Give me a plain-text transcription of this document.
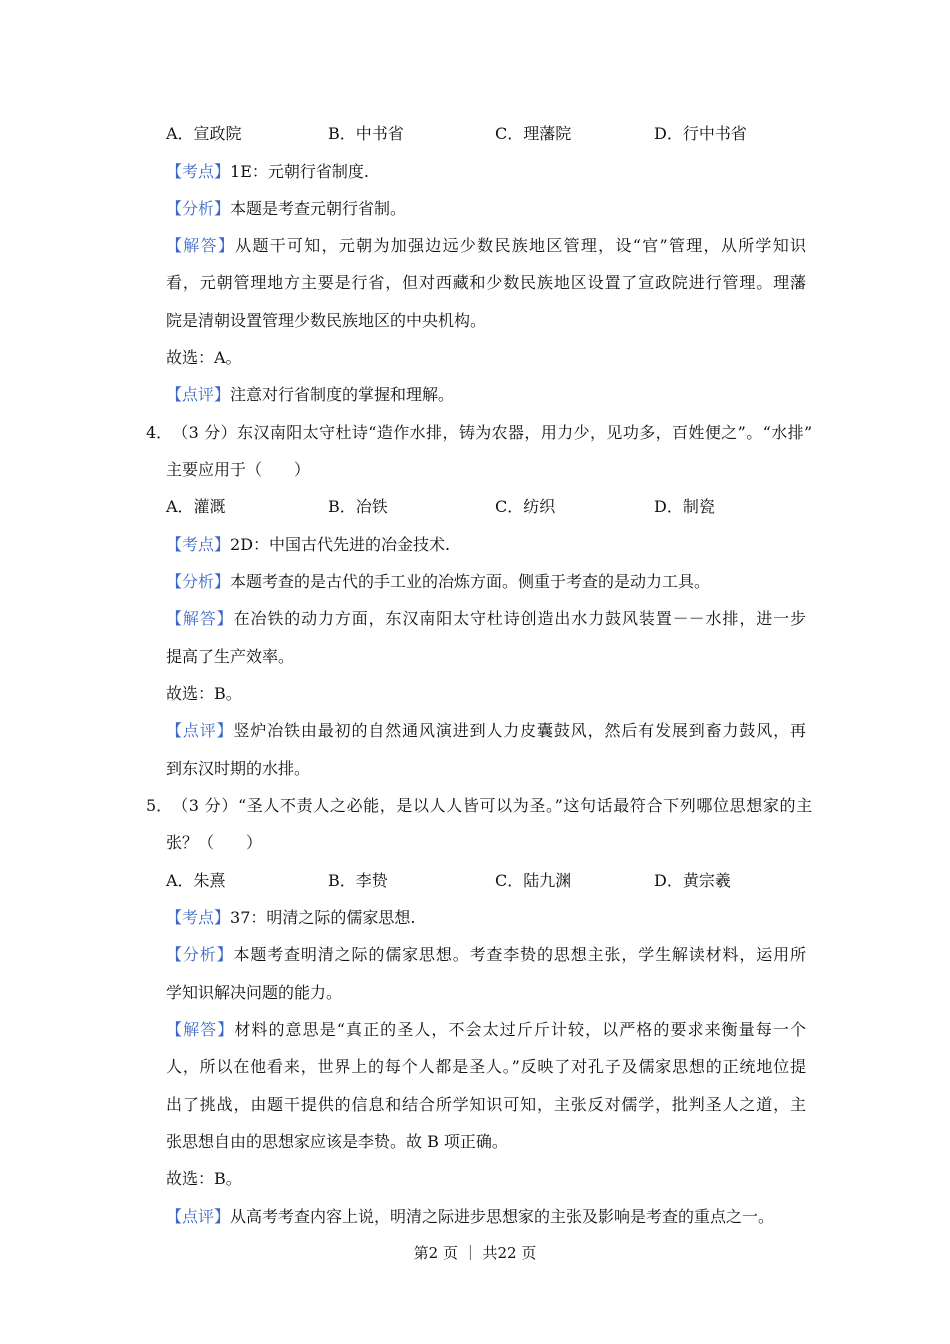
A．宣政院	B．中书省	C．理藩院	D．行中书省
【考点】1E：元朝行省制度.
【分析】本题是考查元朝行省制。
【解答】从题干可知，元朝为加强边远少数民族地区管理，设“官”管理，从所学知识
看，元朝管理地方主要是行省，但对西藏和少数民族地区设置了宣政院进行管理。理藩
院是清朝设置管理少数民族地区的中央机构。
故选：A。
【点评】注意对行省制度的掌握和理解。
4．（3 分）东汉南阳太守杜诗“造作水排，铸为农器，用力少，见功多，百姓便之”。“水排”
主要应用于（　　）
A．灌溉	B．冶铁	C．纺织	D．制瓷
【考点】2D：中国古代先进的冶金技术.
【分析】本题考查的是古代的手工业的冶炼方面。侧重于考查的是动力工具。
【解答】在冶铁的动力方面，东汉南阳太守杜诗创造出水力鼓风装置－－水排，进一步
提高了生产效率。
故选：B。
【点评】竖炉冶铁由最初的自然通风演进到人力皮囊鼓风，然后有发展到畜力鼓风，再
到东汉时期的水排。
5．（3 分）“圣人不责人之必能，是以人人皆可以为圣。”这句话最符合下列哪位思想家的主
张？（　　）
A．朱熹	B．李贽	C．陆九渊	D．黄宗羲
【考点】37：明清之际的儒家思想.
【分析】本题考查明清之际的儒家思想。考查李贽的思想主张，学生解读材料，运用所
学知识解决问题的能力。
【解答】材料的意思是“真正的圣人，不会太过斤斤计较，以严格的要求来衡量每一个
人，所以在他看来，世界上的每个人都是圣人。”反映了对孔子及儒家思想的正统地位提
出了挑战，由题干提供的信息和结合所学知识可知，主张反对儒学，批判圣人之道，主
张思想自由的思想家应该是李贽。故 B 项正确。
故选：B。
【点评】从高考考查内容上说，明清之际进步思想家的主张及影响是考查的重点之一。
第2 页 ｜ 共22 页
